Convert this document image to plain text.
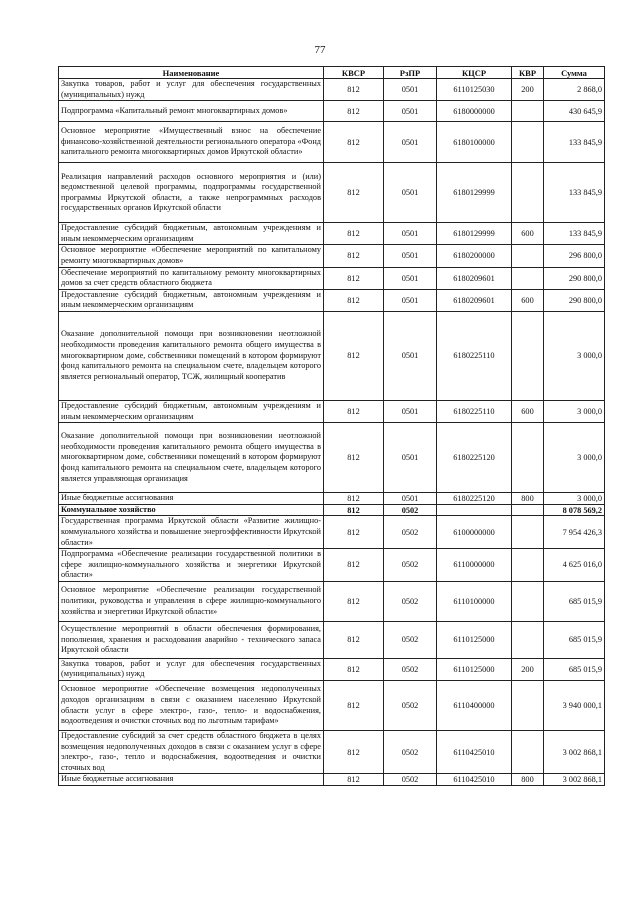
77
Наименование	КВСР	РзПР	КЦСР	КВР	Сумма
Закупка товаров, работ и услуг для обеспечения государственных (муниципальных) нужд	812	0501	6110125030	200	2 868,0
Подпрограмма «Капитальный ремонт многоквартирных домов»	812	0501	6180000000		430 645,9
Основное мероприятие «Имущественный взнос на обеспечение финансово-хозяйственной деятельности регионального оператора «Фонд капитального ремонта многоквартирных домов Иркутской области»	812	0501	6180100000		133 845,9
Реализация направлений расходов основного мероприятия и (или) ведомственной целевой программы, подпрограммы государственной программы Иркутской области, а также непрограммных расходов государственных органов Иркутской области	812	0501	6180129999		133 845,9
Предоставление субсидий бюджетным, автономным учреждениям и иным некоммерческим организациям	812	0501	6180129999	600	133 845,9
Основное мероприятие «Обеспечение мероприятий по капитальному ремонту многоквартирных домов»	812	0501	6180200000		296 800,0
Обеспечение мероприятий по капитальному ремонту многоквартирных домов за счет средств областного бюджета	812	0501	6180209601		290 800,0
Предоставление субсидий бюджетным, автономным учреждениям и иным некоммерческим организациям	812	0501	6180209601	600	290 800,0
Оказание дополнительной помощи при возникновении неотложной необходимости проведения капитального ремонта общего имущества в многоквартирном доме, собственники помещений в котором формируют фонд капитального ремонта на специальном счете, владельцем которого является региональный оператор, ТСЖ, жилищный кооператив	812	0501	6180225110		3 000,0
Предоставление субсидий бюджетным, автономным учреждениям и иным некоммерческим организациям	812	0501	6180225110	600	3 000,0
Оказание дополнительной помощи при возникновении неотложной необходимости проведения капитального ремонта общего имущества в многоквартирном доме, собственники помещений в котором формируют фонд капитального ремонта на специальном счете, владельцем которого является управляющая организация	812	0501	6180225120		3 000,0
Иные бюджетные ассигнования	812	0501	6180225120	800	3 000,0
Коммунальное хозяйство	812	0502			8 078 569,2
Государственная программа Иркутской области «Развитие жилищно-коммунального хозяйства и повышение энергоэффективности Иркутской области»	812	0502	6100000000		7 954 426,3
Подпрограмма «Обеспечение реализации государственной политики в сфере жилищно-коммунального хозяйства и энергетики Иркутской области»	812	0502	6110000000		4 625 016,0
Основное мероприятие «Обеспечение реализации государственной политики, руководства и управления в сфере жилищно-коммунального хозяйства и энергетики Иркутской области»	812	0502	6110100000		685 015,9
Осуществление мероприятий в области обеспечения формирования, пополнения, хранения и расходования аварийно - технического запаса Иркутской области	812	0502	6110125000		685 015,9
Закупка товаров, работ и услуг для обеспечения государственных (муниципальных) нужд	812	0502	6110125000	200	685 015,9
Основное мероприятие «Обеспечение возмещения недополученных доходов организациям в связи с оказанием населению Иркутской области услуг в сфере электро-, газо-, тепло- и водоснабжения, водоотведения и очистки сточных вод по льготным тарифам»	812	0502	6110400000		3 940 000,1
Предоставление субсидий за счет средств областного бюджета в целях возмещения недополученных доходов в связи с оказанием услуг в сфере электро-, газо-, тепло и водоснабжения, водоотведения и очистки сточных вод	812	0502	6110425010		3 002 868,1
Иные бюджетные ассигнования	812	0502	6110425010	800	3 002 868,1
